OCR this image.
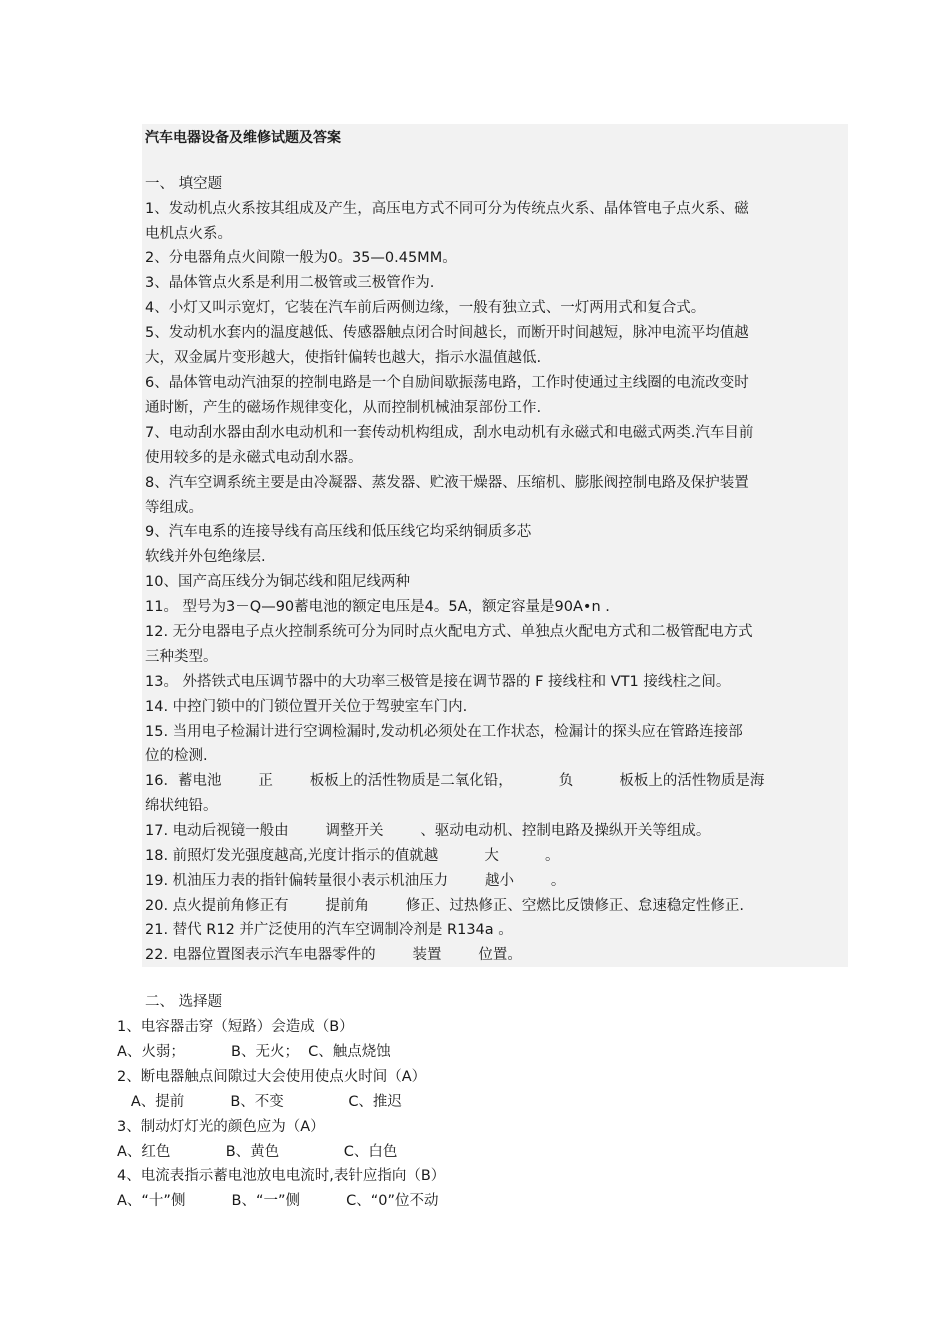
汽车电器设备及维修试题及答案
一、 填空题
1、发动机点火系按其组成及产生，高压电方式不同可分为传统点火系、晶体管电子点火系、磁
电机点火系。
2、分电器角点火间隙一般为0。35—0.45MM。
3、晶体管点火系是利用二极管或三极管作为.
4、小灯又叫示宽灯，它装在汽车前后两侧边缘，一般有独立式、一灯两用式和复合式。
5、发动机水套内的温度越低、传感器触点闭合时间越长，而断开时间越短，脉冲电流平均值越
大，双金属片变形越大，使指针偏转也越大，指示水温值越低.
6、晶体管电动汽油泵的控制电路是一个自励间歇振荡电路，工作时使通过主线圈的电流改变时
通时断，产生的磁场作规律变化，从而控制机械油泵部份工作.
7、电动刮水器由刮水电动机和一套传动机构组成，刮水电动机有永磁式和电磁式两类.汽车目前
使用较多的是永磁式电动刮水器。
8、汽车空调系统主要是由冷凝器、蒸发器、贮液干燥器、压缩机、膨胀阀控制电路及保护装置
等组成。
9、汽车电系的连接导线有高压线和低压线它均采纳铜质多芯
软线并外包绝缘层.
10、国产高压线分为铜芯线和阻尼线两种
11。 型号为3－Q—90蓄电池的额定电压是4。5A，额定容量是90A•n .
12. 无分电器电子点火控制系统可分为同时点火配电方式、单独点火配电方式和二极管配电方式
三种类型。
13。 外搭铁式电压调节器中的大功率三极管是接在调节器的 F 接线柱和 VT1 接线柱之间。
14. 中控门锁中的门锁位置开关位于驾驶室车门内.
15. 当用电子检漏计进行空调检漏时,发动机必须处在工作状态，检漏计的探头应在管路连接部
位的检测.
16．蓄电池        正        板板上的活性物质是二氧化铅，          负          板板上的活性物质是海
绵状纯铅。
17. 电动后视镜一般由        调整开关        、驱动电动机、控制电路及操纵开关等组成。
18. 前照灯发光强度越高,光度计指示的值就越          大          。
19. 机油压力表的指针偏转量很小表示机油压力        越小        。
20. 点火提前角修正有        提前角        修正、过热修正、空燃比反馈修正、怠速稳定性修正.
21. 替代 R12 并广泛使用的汽车空调制冷剂是 R134a 。
22. 电器位置图表示汽车电器零件的        装置        位置。
二、 选择题
1、电容器击穿（短路）会造成（B）
A、火弱；          B、无火；  C、触点烧蚀
2、断电器触点间隙过大会使用使点火时间（A）
A、提前          B、不变              C、推迟
3、制动灯灯光的颜色应为（A）
A、红色            B、黄色              C、白色
4、电流表指示蓄电池放电电流时,表针应指向（B）
A、“十”侧          B、“一”侧          C、“0”位不动
